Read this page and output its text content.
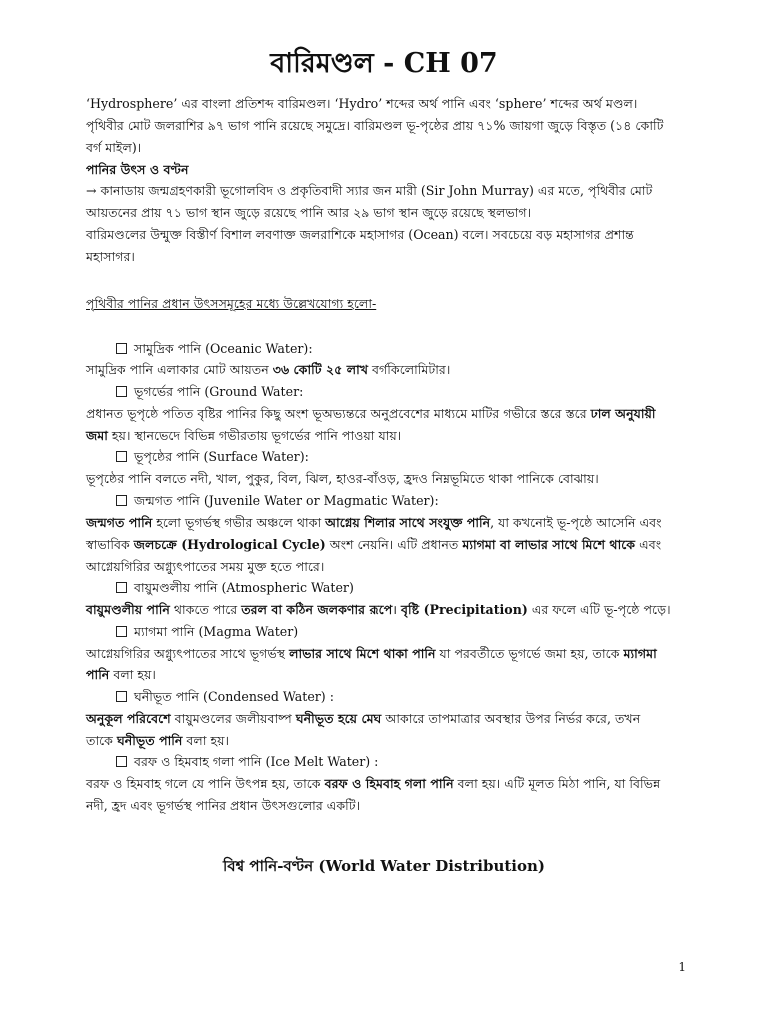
বারিমণ্ডল - CH 07

‘Hydrosphere’ এর বাংলা প্রতিশব্দ বারিমণ্ডল। ‘Hydro’ শব্দের অর্থ পানি এবং ‘sphere’ শব্দের অর্থ মণ্ডল।

পৃথিবীর মোট জলরাশির ৯৭ ভাগ পানি রয়েছে সমুদ্রে। বারিমণ্ডল ভূ-পৃষ্ঠের প্রায় ৭১% জায়গা জুড়ে বিস্তৃত (১৪ কোটি

বর্গ মাইল)।

পানির উৎস ও বণ্টন

→ কানাডায় জন্মগ্রহণকারী ভূগোলবিদ ও প্রকৃতিবাদী স্যার জন মারী (Sir John Murray) এর মতে, পৃথিবীর মোট

আয়তনের প্রায় ৭১ ভাগ স্থান জুড়ে রয়েছে পানি আর ২৯ ভাগ স্থান জুড়ে রয়েছে স্থলভাগ।

বারিমণ্ডলের উন্মুক্ত বিস্তীর্ণ বিশাল লবণাক্ত জলরাশিকে মহাসাগর (Ocean) বলে। সবচেয়ে বড় মহাসাগর প্রশান্ত

মহাসাগর।

পৃথিবীর পানির প্রধান উৎসসমূহের মধ্যে উল্লেখযোগ্য হলো-

সামুদ্রিক পানি (Oceanic Water):

সামুদ্রিক পানি এলাকার মোট আয়তন ৩৬ কোটি ২৫ লাখ বর্গকিলোমিটার।

ভূগর্ভের পানি (Ground Water:

প্রধানত ভূপৃষ্ঠে পতিত বৃষ্টির পানির কিছু অংশ ভূঅভ্যন্তরে অনুপ্রবেশের মাধ্যমে মাটির গভীরে স্তরে স্তরে ঢাল অনুযায়ী

জমা হয়। স্থানভেদে বিভিন্ন গভীরতায় ভূগর্ভের পানি পাওয়া যায়।

ভূপৃষ্ঠের পানি (Surface Water):

ভূপৃষ্ঠের পানি বলতে নদী, খাল, পুকুর, বিল, ঝিল, হাওর-বাঁওড়, হ্রদও নিম্নভূমিতে থাকা পানিকে বোঝায়।

জন্মগত পানি (Juvenile Water or Magmatic Water):

জন্মগত পানি হলো ভূগর্ভস্থ গভীর অঞ্চলে থাকা আগ্নেয় শিলার সাথে সংযুক্ত পানি, যা কখনোই ভূ-পৃষ্ঠে আসেনি এবং

স্বাভাবিক জলচক্রে (Hydrological Cycle) অংশ নেয়নি। এটি প্রধানত ম্যাগমা বা লাভার সাথে মিশে থাকে এবং

আগ্নেয়গিরির অগ্ন্যুৎপাতের সময় মুক্ত হতে পারে।

বায়ুমণ্ডলীয় পানি (Atmospheric Water)

বায়ুমণ্ডলীয় পানি থাকতে পারে তরল বা কঠিন জলকণার রূপে। বৃষ্টি (Precipitation) এর ফলে এটি ভূ-পৃষ্ঠে পড়ে।

ম্যাগমা পানি (Magma Water)

আগ্নেয়গিরির অগ্ন্যুৎপাতের সাথে ভূগর্ভস্থ লাভার সাথে মিশে থাকা পানি যা পরবর্তীতে ভূগর্ভে জমা হয়, তাকে ম্যাগমা

পানি বলা হয়।

ঘনীভূত পানি (Condensed Water) :

অনুকূল পরিবেশে বায়ুমণ্ডলের জলীয়বাষ্প ঘনীভূত হয়ে মেঘ আকারে তাপমাত্রার অবস্থার উপর নির্ভর করে, তখন

তাকে ঘনীভূত পানি বলা হয়।

বরফ ও হিমবাহ গলা পানি (Ice Melt Water) :

বরফ ও হিমবাহ গলে যে পানি উৎপন্ন হয়, তাকে বরফ ও হিমবাহ গলা পানি বলা হয়। এটি মূলত মিঠা পানি, যা বিভিন্ন

নদী, হ্রদ এবং ভূগর্ভস্থ পানির প্রধান উৎসগুলোর একটি।

বিশ্ব পানি-বণ্টন (World Water Distribution)
1
